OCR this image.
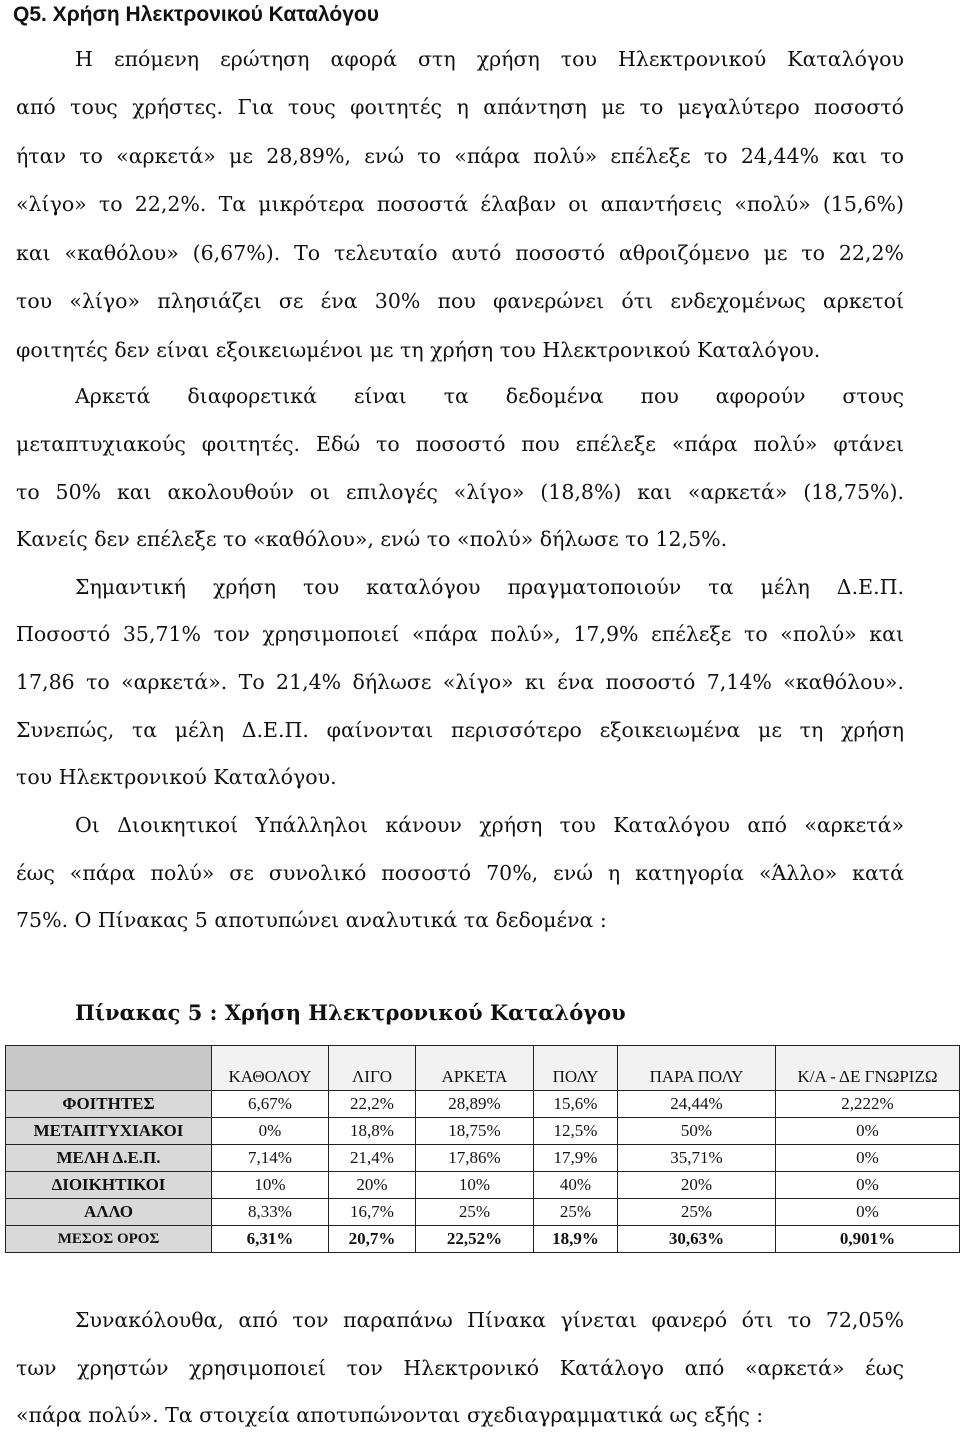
Q5. Χρήση Ηλεκτρονικού Καταλόγου
Η επόμενη ερώτηση αφορά στη χρήση του Ηλεκτρονικού Καταλόγου
από τους χρήστες. Για τους φοιτητές η απάντηση με το μεγαλύτερο ποσοστό
ήταν το «αρκετά» με 28,89%, ενώ το «πάρα πολύ» επέλεξε το 24,44% και το
«λίγο» το 22,2%. Τα μικρότερα ποσοστά έλαβαν οι απαντήσεις «πολύ» (15,6%)
και «καθόλου» (6,67%). Το τελευταίο αυτό ποσοστό αθροιζόμενο με το 22,2%
του «λίγο» πλησιάζει σε ένα 30% που φανερώνει ότι ενδεχομένως αρκετοί
φοιτητές δεν είναι εξοικειωμένοι με τη χρήση του Ηλεκτρονικού Καταλόγου.
Αρκετά διαφορετικά είναι τα δεδομένα που αφορούν στους
μεταπτυχιακούς φοιτητές. Εδώ το ποσοστό που επέλεξε «πάρα πολύ» φτάνει
το 50% και ακολουθούν οι επιλογές «λίγο» (18,8%) και «αρκετά» (18,75%).
Κανείς δεν επέλεξε το «καθόλου», ενώ το «πολύ» δήλωσε το 12,5%.
Σημαντική χρήση του καταλόγου πραγματοποιούν τα μέλη Δ.Ε.Π.
Ποσοστό 35,71% τον χρησιμοποιεί «πάρα πολύ», 17,9% επέλεξε το «πολύ» και
17,86 το «αρκετά». Το 21,4% δήλωσε «λίγο» κι ένα ποσοστό 7,14% «καθόλου».
Συνεπώς, τα μέλη Δ.Ε.Π. φαίνονται περισσότερο εξοικειωμένα με τη χρήση
του Ηλεκτρονικού Καταλόγου.
Οι Διοικητικοί Υπάλληλοι κάνουν χρήση του Καταλόγου από «αρκετά»
έως «πάρα πολύ» σε συνολικό ποσοστό 70%, ενώ η κατηγορία «Άλλο» κατά
75%. Ο Πίνακας 5 αποτυπώνει αναλυτικά τα δεδομένα :
Πίνακας 5 : Χρήση Ηλεκτρονικού Καταλόγου
	ΚΑΘΟΛΟΥ	ΛΙΓΟ	ΑΡΚΕΤΑ	ΠΟΛΥ	ΠΑΡΑ ΠΟΛΥ	Κ/Α - ΔΕ ΓΝΩΡΙΖΩ
ΦΟΙΤΗΤΕΣ	6,67%	22,2%	28,89%	15,6%	24,44%	2,222%
ΜΕΤΑΠΤΥΧΙΑΚΟΙ	0%	18,8%	18,75%	12,5%	50%	0%
ΜΕΛΗ Δ.Ε.Π.	7,14%	21,4%	17,86%	17,9%	35,71%	0%
ΔΙΟΙΚΗΤΙΚΟΙ	10%	20%	10%	40%	20%	0%
ΑΛΛΟ	8,33%	16,7%	25%	25%	25%	0%
ΜΕΣΟΣ ΟΡΟΣ	6,31%	20,7%	22,52%	18,9%	30,63%	0,901%
Συνακόλουθα, από τον παραπάνω Πίνακα γίνεται φανερό ότι το 72,05%
των χρηστών χρησιμοποιεί τον Ηλεκτρονικό Κατάλογο από «αρκετά» έως
«πάρα πολύ». Τα στοιχεία αποτυπώνονται σχεδιαγραμματικά ως εξής :
